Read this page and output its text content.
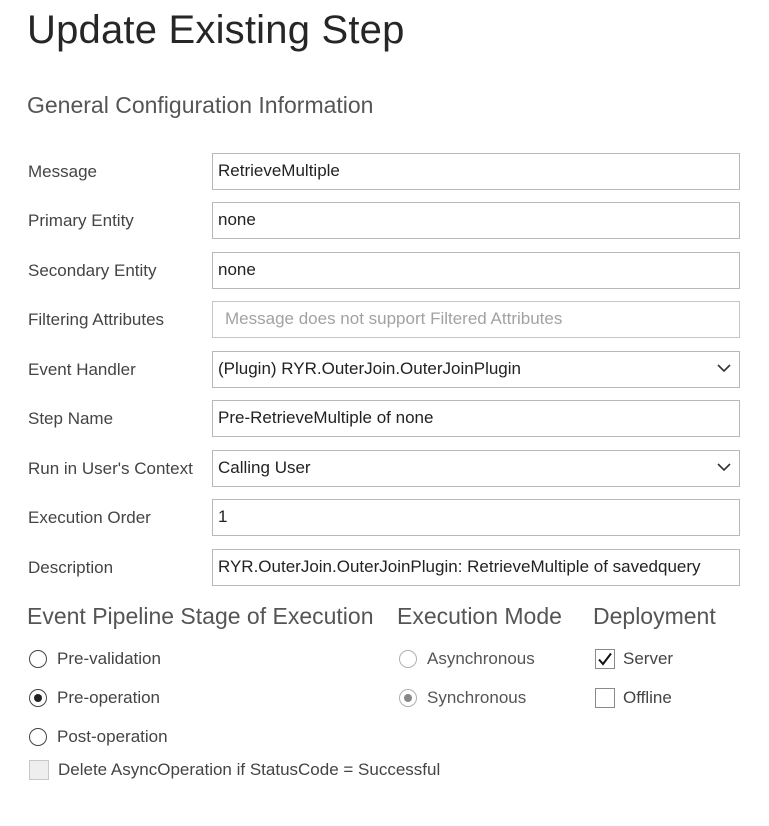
Update Existing Step
General Configuration Information
Message	RetrieveMultiple
Primary Entity	none
Secondary Entity	none
Filtering Attributes	Message does not support Filtered Attributes
Event Handler	(Plugin) RYR.OuterJoin.OuterJoinPlugin
Step Name	Pre-RetrieveMultiple of none
Run in User's Context	Calling User
Execution Order	1
Description	RYR.OuterJoin.OuterJoinPlugin: RetrieveMultiple of savedquery
Event Pipeline Stage of Execution Execution Mode Deployment
Pre-validation
Pre-operation
Post-operation
Asynchronous
Synchronous
Server
Offline
Delete AsyncOperation if StatusCode = Successful
